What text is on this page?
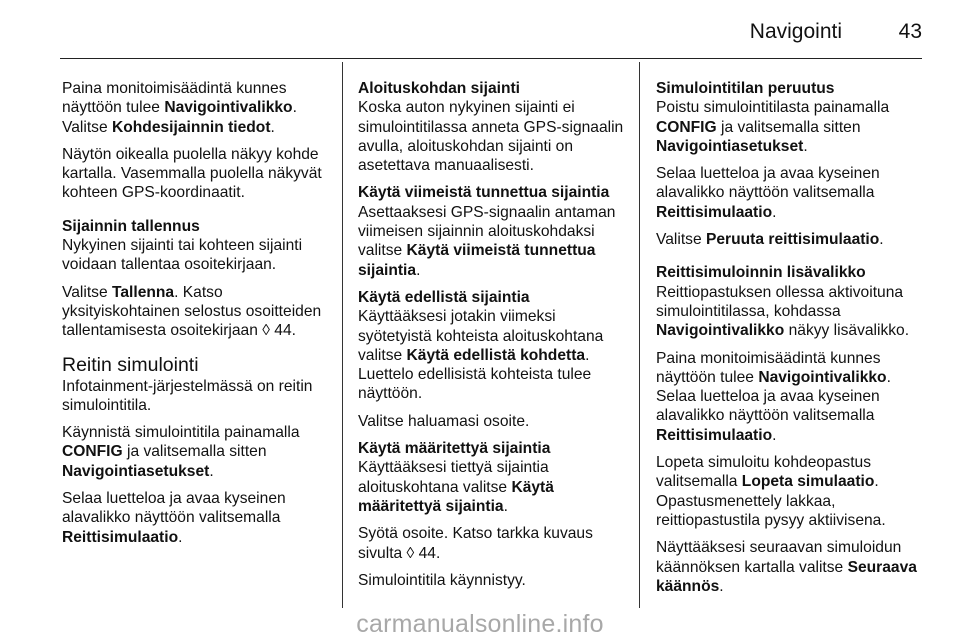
Navigointi	43

Paina monitoimisäädintä kunnes näyttöön tulee Navigointivalikko. Valitse Kohdesijainnin tiedot.

Näytön oikealla puolella näkyy kohde kartalla. Vasemmalla puolella näkyvät kohteen GPS-koordinaatit.

Sijainnin tallennus

Nykyinen sijainti tai kohteen sijainti voidaan tallentaa osoitekirjaan.

Valitse Tallenna. Katso yksityiskohtainen selostus osoitteiden tallentamisesta osoitekirjaan ◊ 44.

Reitin simulointi

Infotainment-järjestelmässä on reitin simulointitila.

Käynnistä simulointitila painamalla CONFIG ja valitsemalla sitten Navigointiasetukset.

Selaa luetteloa ja avaa kyseinen alavalikko näyttöön valitsemalla Reittisimulaatio.

Aloituskohdan sijainti

Koska auton nykyinen sijainti ei simulointitilassa anneta GPS-signaalin avulla, aloituskohdan sijainti on asetettava manuaalisesti.

Käytä viimeistä tunnettua sijaintia

Asettaaksesi GPS-signaalin antaman viimeisen sijainnin aloituskohdaksi valitse Käytä viimeistä tunnettua sijaintia.

Käytä edellistä sijaintia

Käyttääksesi jotakin viimeksi syötetyistä kohteista aloituskohtana valitse Käytä edellistä kohdetta. Luettelo edellisistä kohteista tulee näyttöön.

Valitse haluamasi osoite.

Käytä määritettyä sijaintia

Käyttääksesi tiettyä sijaintia aloituskohtana valitse Käytä määritettyä sijaintia.

Syötä osoite. Katso tarkka kuvaus sivulta ◊ 44.

Simulointitila käynnistyy.

Simulointitilan peruutus

Poistu simulointitilasta painamalla CONFIG ja valitsemalla sitten Navigointiasetukset.

Selaa luetteloa ja avaa kyseinen alavalikko näyttöön valitsemalla Reittisimulaatio.

Valitse Peruuta reittisimulaatio.

Reittisimuloinnin lisävalikko

Reittiopastuksen ollessa aktivoituna simulointitilassa, kohdassa Navigointivalikko näkyy lisävalikko.

Paina monitoimisäädintä kunnes näyttöön tulee Navigointivalikko. Selaa luetteloa ja avaa kyseinen alavalikko näyttöön valitsemalla Reittisimulaatio.

Lopeta simuloitu kohdeopastus valitsemalla Lopeta simulaatio. Opastusmenettely lakkaa, reittiopastustila pysyy aktiivisena.

Näyttääksesi seuraavan simuloidun käännöksen kartalla valitse Seuraava käännös.

carmanualsonline.info
